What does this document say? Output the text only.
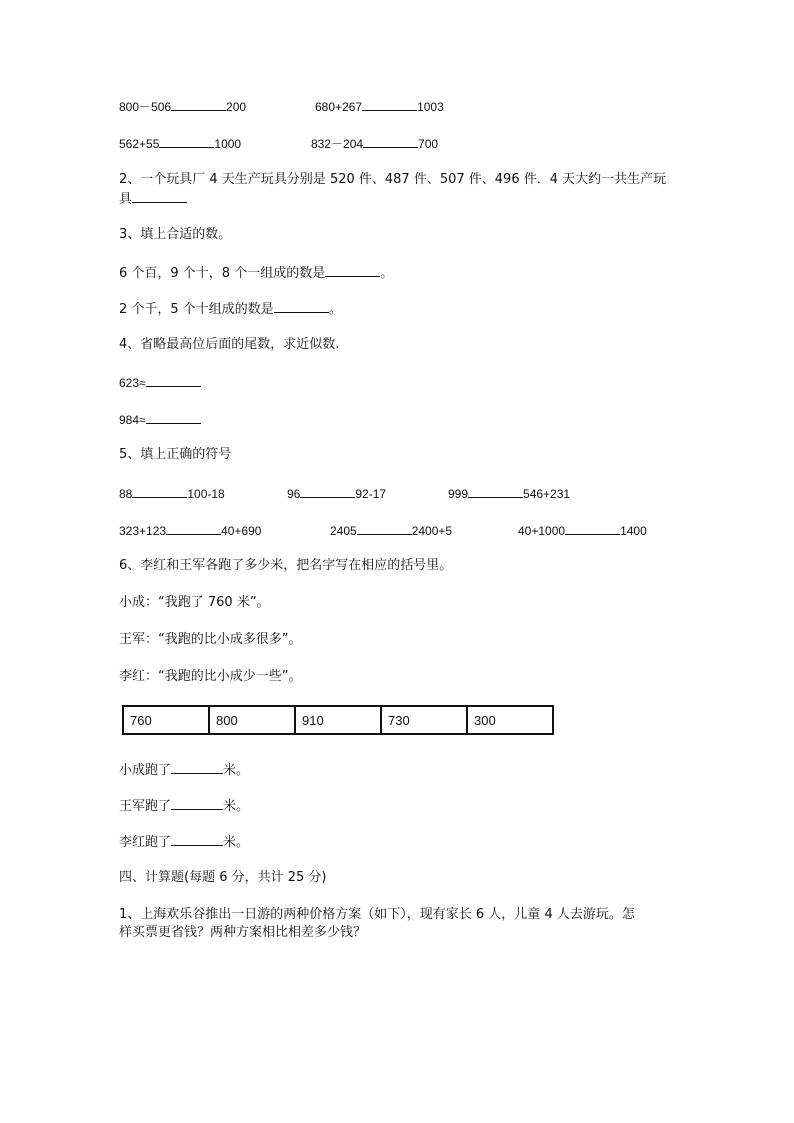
800－506	200	680+267	1003
562+55	1000	832－204	700
2、一个玩具厂 4 天生产玩具分别是 520 件、487 件、507 件、496 件．4 天大约一共生产玩
具
3、填上合适的数。
6 个百，9 个十，8 个一组成的数是	。
2 个千，5 个十组成的数是	。
4、省略最高位后面的尾数，求近似数.
623≈
984≈
5、填上正确的符号
88	100-18	96	92-17	999	546+231
323+123	40+690	2405	2400+5	40+1000	1400
6、李红和王军各跑了多少米，把名字写在相应的括号里。
小成：“我跑了 760 米”。
王军：“我跑的比小成多很多”。
李红：“我跑的比小成少一些”。
760	800	910	730	300
小成跑了	米。
王军跑了	米。
李红跑了	米。
四、计算题(每题 6 分，共计 25 分)
1、上海欢乐谷推出一日游的两种价格方案（如下），现有家长 6 人，儿童 4 人去游玩。怎
样买票更省钱？两种方案相比相差多少钱？
